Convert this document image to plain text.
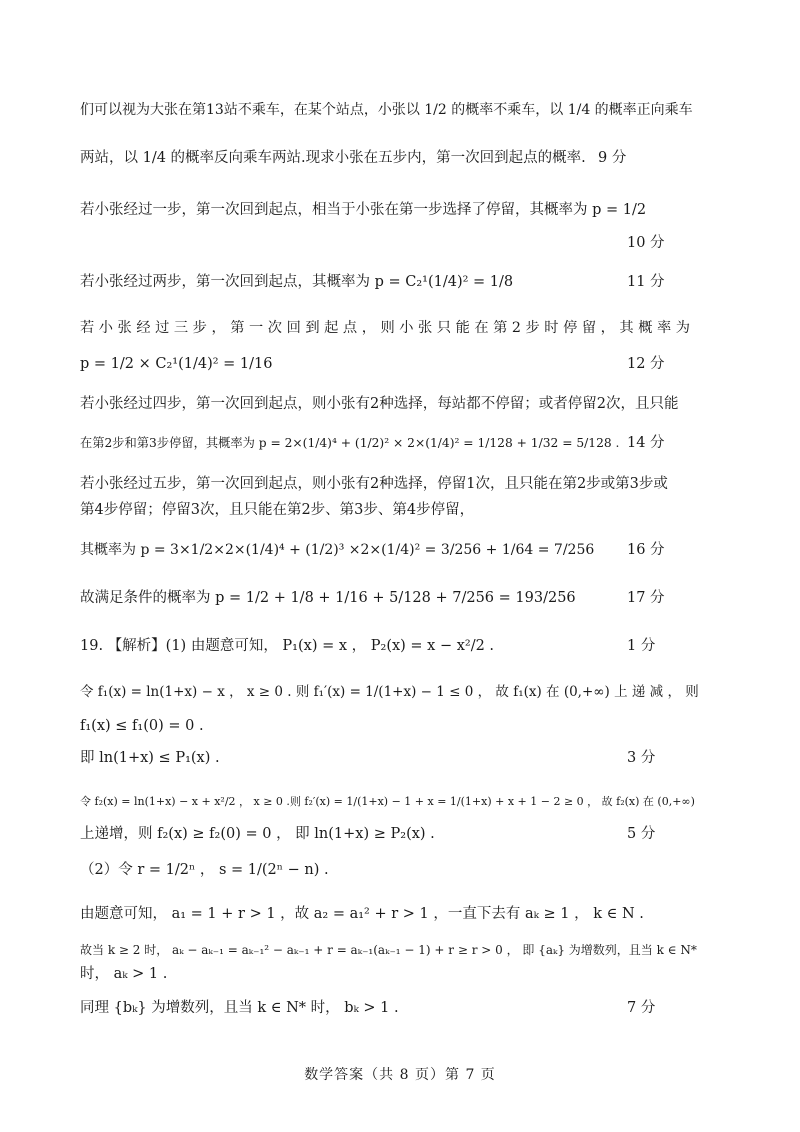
们可以视为大张在第13站不乘车，在某个站点，小张以 1/2 的概率不乘车，以 1/4 的概率正向乘车
两站，以 1/4 的概率反向乘车两站.现求小张在五步内，第一次回到起点的概率. 9 分
若小张经过一步，第一次回到起点，相当于小张在第一步选择了停留，其概率为 p = 1/2
10 分
若小张经过两步，第一次回到起点，其概率为 p = C₂¹(1/4)² = 1/8	11 分
若 小 张 经 过 三 步 ， 第 一 次 回 到 起 点 ， 则 小 张 只 能 在 第 2 步 时 停 留 ， 其 概 率 为
p = 1/2 × C₂¹(1/4)² = 1/16	12 分
若小张经过四步，第一次回到起点，则小张有2种选择，每站都不停留；或者停留2次，且只能
在第2步和第3步停留，其概率为 p = 2×(1/4)⁴ + (1/2)² × 2×(1/4)² = 1/128 + 1/32 = 5/128 . 14 分
若小张经过五步，第一次回到起点，则小张有2种选择，停留1次，且只能在第2步或第3步或
第4步停留；停留3次，且只能在第2步、第3步、第4步停留，
其概率为 p = 3×1/2×2×(1/4)⁴ + (1/2)³ ×2×(1/4)² = 3/256 + 1/64 = 7/256	16 分
故满足条件的概率为 p = 1/2 + 1/8 + 1/16 + 5/128 + 7/256 = 193/256	17 分
19. 【解析】(1) 由题意可知， P₁(x) = x ， P₂(x) = x − x²/2 .	1 分
令 f₁(x) = ln(1+x) − x ， x ≥ 0 . 则 f₁′(x) = 1/(1+x) − 1 ≤ 0 ， 故 f₁(x) 在 (0,+∞) 上 递 减 ， 则
f₁(x) ≤ f₁(0) = 0 .
即 ln(1+x) ≤ P₁(x) .	3 分
令 f₂(x) = ln(1+x) − x + x²/2 ， x ≥ 0 .则 f₂′(x) = 1/(1+x) − 1 + x = 1/(1+x) + x + 1 − 2 ≥ 0 ， 故 f₂(x) 在 (0,+∞)
上递增，则 f₂(x) ≥ f₂(0) = 0 ， 即 ln(1+x) ≥ P₂(x) .	5 分
（2）令 r = 1/2ⁿ ， s = 1/(2ⁿ − n) .
由题意可知， a₁ = 1 + r > 1 ，故 a₂ = a₁² + r > 1 ，一直下去有 aₖ ≥ 1 ， k ∈ N .
故当 k ≥ 2 时， aₖ − aₖ₋₁ = aₖ₋₁² − aₖ₋₁ + r = aₖ₋₁(aₖ₋₁ − 1) + r ≥ r > 0 ， 即 {aₖ} 为增数列，且当 k ∈ N*
时， aₖ > 1 .
同理 {bₖ} 为增数列，且当 k ∈ N* 时， bₖ > 1 .	7 分
数学答案（共 8 页）第 7 页
